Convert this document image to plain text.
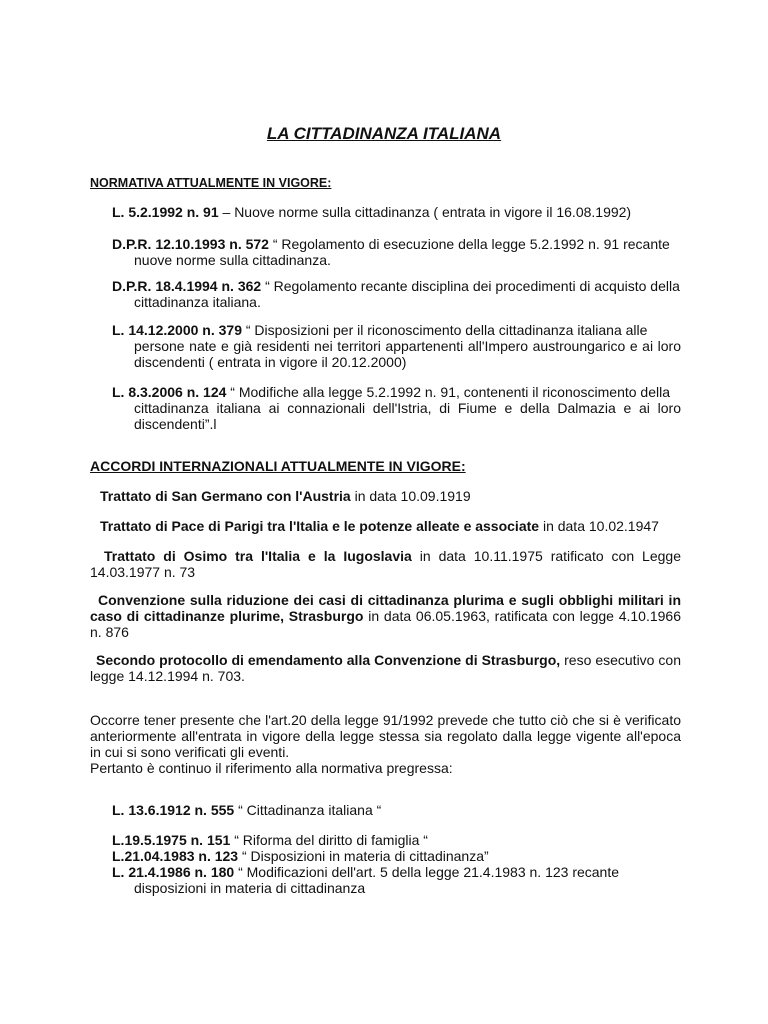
LA CITTADINANZA ITALIANA
NORMATIVA ATTUALMENTE IN VIGORE:
L. 5.2.1992 n. 91 – Nuove norme sulla cittadinanza ( entrata in vigore il 16.08.1992)
D.P.R. 12.10.1993 n. 572 “ Regolamento di esecuzione della legge 5.2.1992 n. 91 recante
nuove norme sulla cittadinanza.
D.P.R. 18.4.1994 n. 362 “ Regolamento recante disciplina dei procedimenti di acquisto della
cittadinanza italiana.
L. 14.12.2000 n. 379 “ Disposizioni per il riconoscimento della cittadinanza italiana alle
persone nate e già residenti nei territori appartenenti all'Impero austroungarico e ai loro discendenti ( entrata in vigore il 20.12.2000)
L. 8.3.2006 n. 124 “ Modifiche alla legge 5.2.1992 n. 91, contenenti il riconoscimento della
cittadinanza italiana ai connazionali dell'Istria, di Fiume e della Dalmazia e ai loro discendenti”.l
ACCORDI INTERNAZIONALI ATTUALMENTE IN VIGORE:
Trattato di San Germano con l'Austria in data 10.09.1919
Trattato di Pace di Parigi tra l'Italia e le potenze alleate e associate in data 10.02.1947
Trattato di Osimo tra l'Italia e la Iugoslavia in data 10.11.1975 ratificato con Legge 14.03.1977 n. 73
Convenzione sulla riduzione dei casi di cittadinanza plurima e sugli obblighi militari in caso di cittadinanze plurime, Strasburgo in data 06.05.1963, ratificata con legge 4.10.1966 n. 876
Secondo protocollo di emendamento alla Convenzione di Strasburgo, reso esecutivo con legge 14.12.1994 n. 703.
Occorre tener presente che l'art.20 della legge 91/1992 prevede che tutto ciò che si è verificato anteriormente all'entrata in vigore della legge stessa sia regolato dalla legge vigente all'epoca in cui si sono verificati gli eventi.
Pertanto è continuo il riferimento alla normativa pregressa:
L. 13.6.1912 n. 555 “ Cittadinanza italiana “
L.19.5.1975 n. 151 “ Riforma del diritto di famiglia “
L.21.04.1983 n. 123 “ Disposizioni in materia di cittadinanza”
L. 21.4.1986 n. 180 “ Modificazioni dell'art. 5 della legge 21.4.1983 n. 123 recante
disposizioni in materia di cittadinanza
